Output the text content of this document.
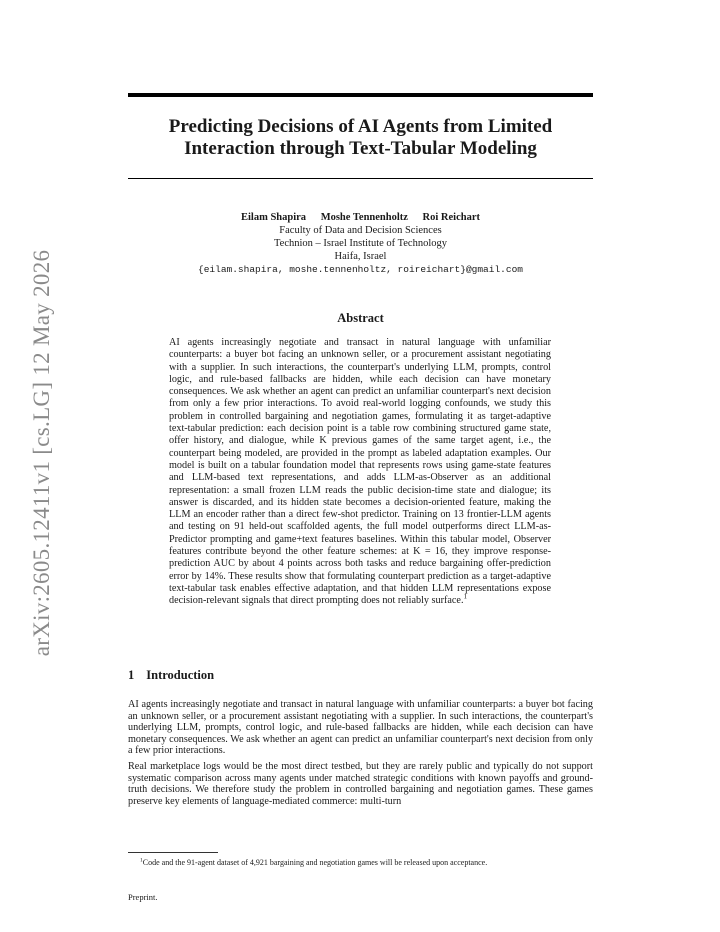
arXiv:2605.12411v1 [cs.LG] 12 May 2026
Predicting Decisions of AI Agents from Limited Interaction through Text-Tabular Modeling
Eilam Shapira Moshe Tennenholtz Roi Reichart
Faculty of Data and Decision Sciences
Technion – Israel Institute of Technology
Haifa, Israel
{eilam.shapira, moshe.tennenholtz, roireichart}@gmail.com
Abstract

AI agents increasingly negotiate and transact in natural language with unfamiliar counterparts: a buyer bot facing an unknown seller, or a procurement assistant negotiating with a supplier. In such interactions, the counterpart's underlying LLM, prompts, control logic, and rule-based fallbacks are hidden, while each decision can have monetary consequences. We ask whether an agent can predict an unfamiliar counterpart's next decision from only a few prior interactions. To avoid real-world logging confounds, we study this problem in controlled bargaining and negotiation games, formulating it as target-adaptive text-tabular prediction: each decision point is a table row combining structured game state, offer history, and dialogue, while K previous games of the same target agent, i.e., the counterpart being modeled, are provided in the prompt as labeled adaptation examples. Our model is built on a tabular foundation model that represents rows using game-state features and LLM-based text representations, and adds LLM-as-Observer as an additional representation: a small frozen LLM reads the public decision-time state and dialogue; its answer is discarded, and its hidden state becomes a decision-oriented feature, making the LLM an encoder rather than a direct few-shot predictor. Training on 13 frontier-LLM agents and testing on 91 held-out scaffolded agents, the full model outperforms direct LLM-as-Predictor prompting and game+text features baselines. Within this tabular model, Observer features contribute beyond the other feature schemes: at K = 16, they improve response-prediction AUC by about 4 points across both tasks and reduce bargaining offer-prediction error by 14%. These results show that formulating counterpart prediction as a target-adaptive text-tabular task enables effective adaptation, and that hidden LLM representations expose decision-relevant signals that direct prompting does not reliably surface.$^1$

1 Introduction

AI agents increasingly negotiate and transact in natural language with unfamiliar counterparts: a buyer bot facing an unknown seller, or a procurement assistant negotiating with a supplier. In such interactions, the counterpart's underlying LLM, prompts, control logic, and rule-based fallbacks are hidden, while each decision can have monetary consequences. We ask whether an agent can predict an unfamiliar counterpart's next decision from only a few prior interactions.

Real marketplace logs would be the most direct testbed, but they are rarely public and typically do not support systematic comparison across many agents under matched strategic conditions with known payoffs and ground-truth decisions. We therefore study the problem in controlled bargaining and negotiation games. These games preserve key elements of language-mediated commerce: multi-turn

$^1$Code and the 91-agent dataset of 4,921 bargaining and negotiation games will be released upon acceptance.
Preprint.
